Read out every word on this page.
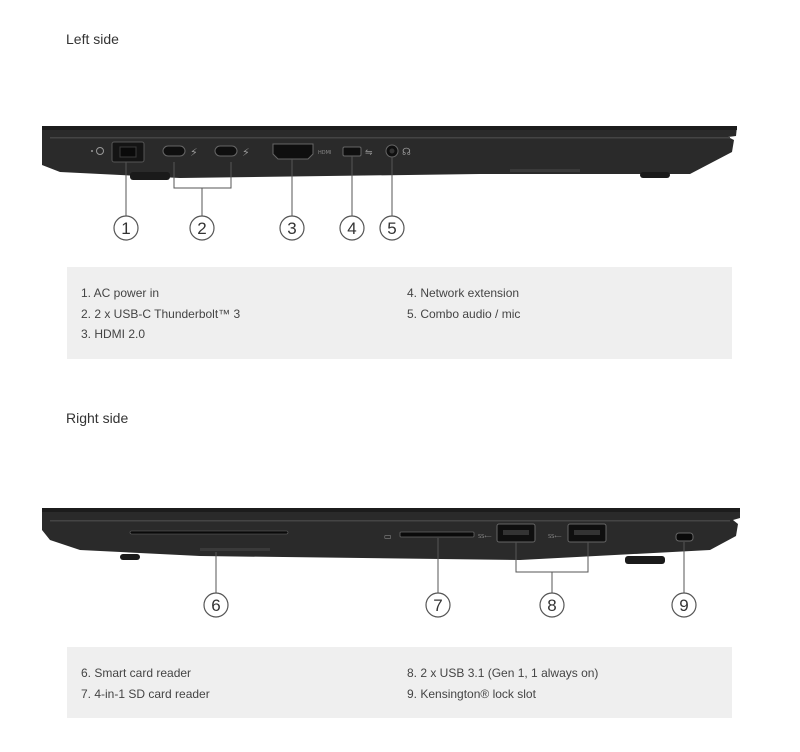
Left side
⚡	⚡	HDMI	⇋	☊
1	2	3	4 5
1. AC power in
2. 2 x USB-C Thunderbolt™ 3
3. HDMI 2.0
4. Network extension
5. Combo audio / mic
Right side
▭	SS⟵	SS⟵
6	7	8	9
6. Smart card reader
7. 4-in-1 SD card reader
8. 2 x USB 3.1 (Gen 1, 1 always on)
9. Kensington® lock slot
